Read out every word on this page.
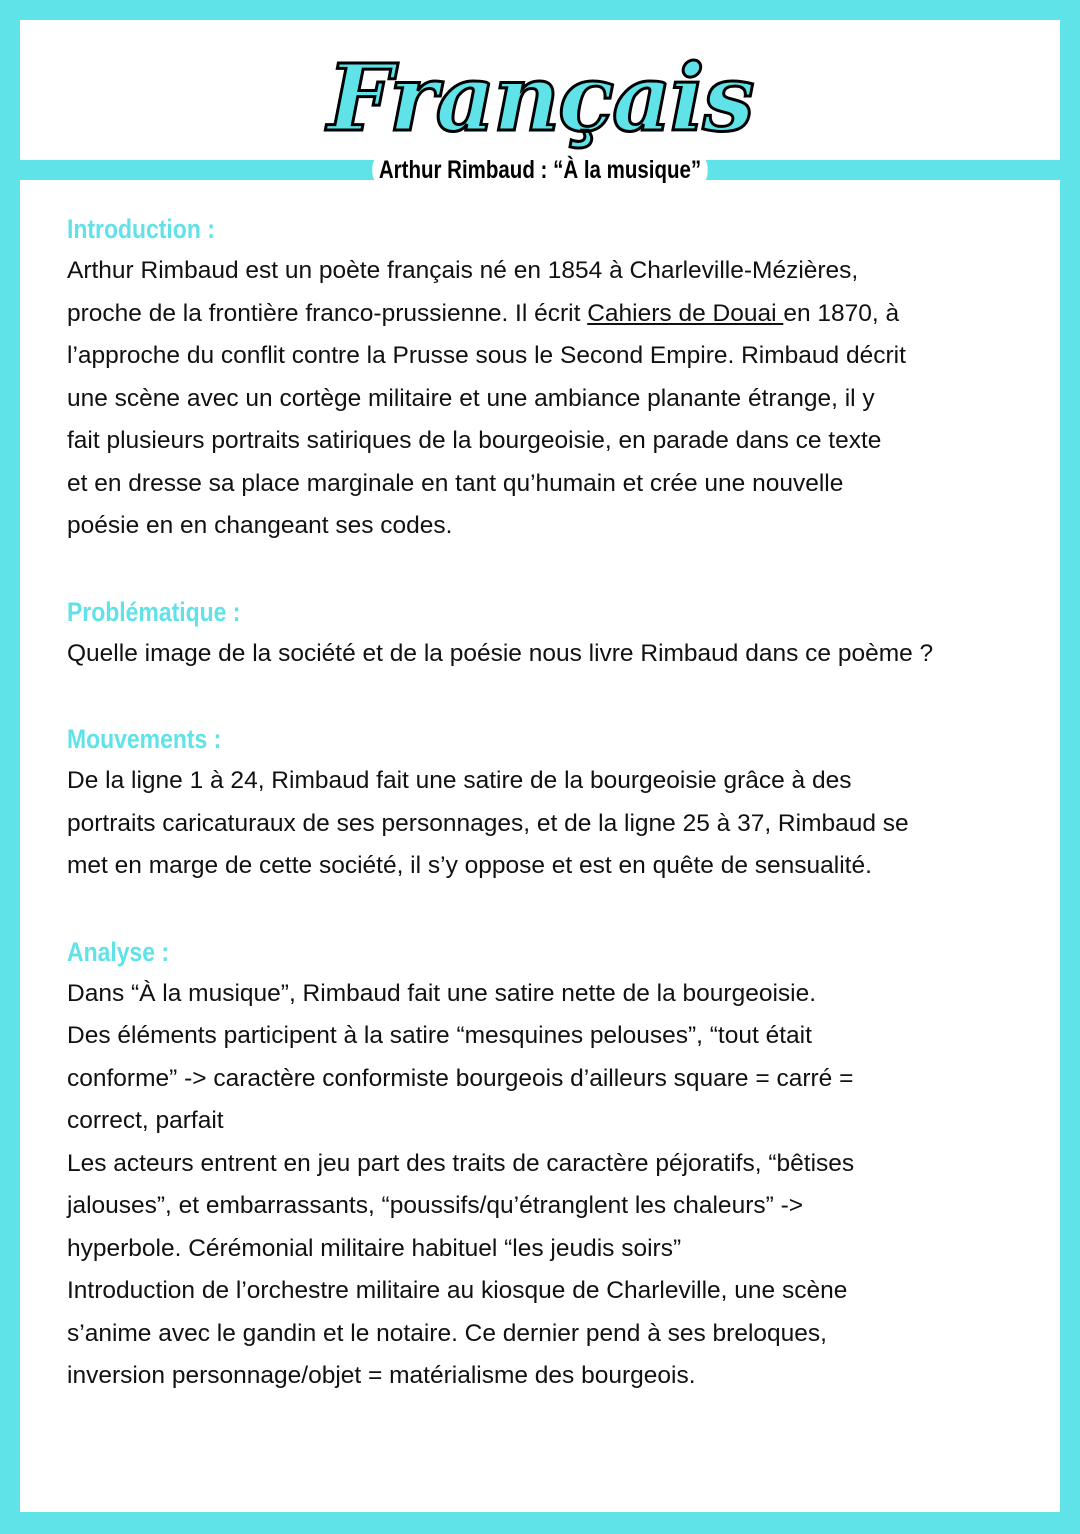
Français
Arthur Rimbaud : “À la musique”
Introduction :
Arthur Rimbaud est un poète français né en 1854 à Charleville-Mézières,
proche de la frontière franco-prussienne. Il écrit Cahiers de Douai en 1870, à
l’approche du conflit contre la Prusse sous le Second Empire. Rimbaud décrit
une scène avec un cortège militaire et une ambiance planante étrange, il y
fait plusieurs portraits satiriques de la bourgeoisie, en parade dans ce texte
et en dresse sa place marginale en tant qu’humain et crée une nouvelle
poésie en en changeant ses codes.
Problématique :
Quelle image de la société et de la poésie nous livre Rimbaud dans ce poème ?
Mouvements :
De la ligne 1 à 24, Rimbaud fait une satire de la bourgeoisie grâce à des
portraits caricaturaux de ses personnages, et de la ligne 25 à 37, Rimbaud se
met en marge de cette société, il s’y oppose et est en quête de sensualité.
Analyse :
Dans “À la musique”, Rimbaud fait une satire nette de la bourgeoisie.
Des éléments participent à la satire “mesquines pelouses”, “tout était
conforme” -> caractère conformiste bourgeois d’ailleurs square = carré =
correct, parfait
Les acteurs entrent en jeu part des traits de caractère péjoratifs, “bêtises
jalouses”, et embarrassants, “poussifs/qu’étranglent les chaleurs” ->
hyperbole. Cérémonial militaire habituel “les jeudis soirs”
Introduction de l’orchestre militaire au kiosque de Charleville, une scène
s’anime avec le gandin et le notaire. Ce dernier pend à ses breloques,
inversion personnage/objet = matérialisme des bourgeois.
